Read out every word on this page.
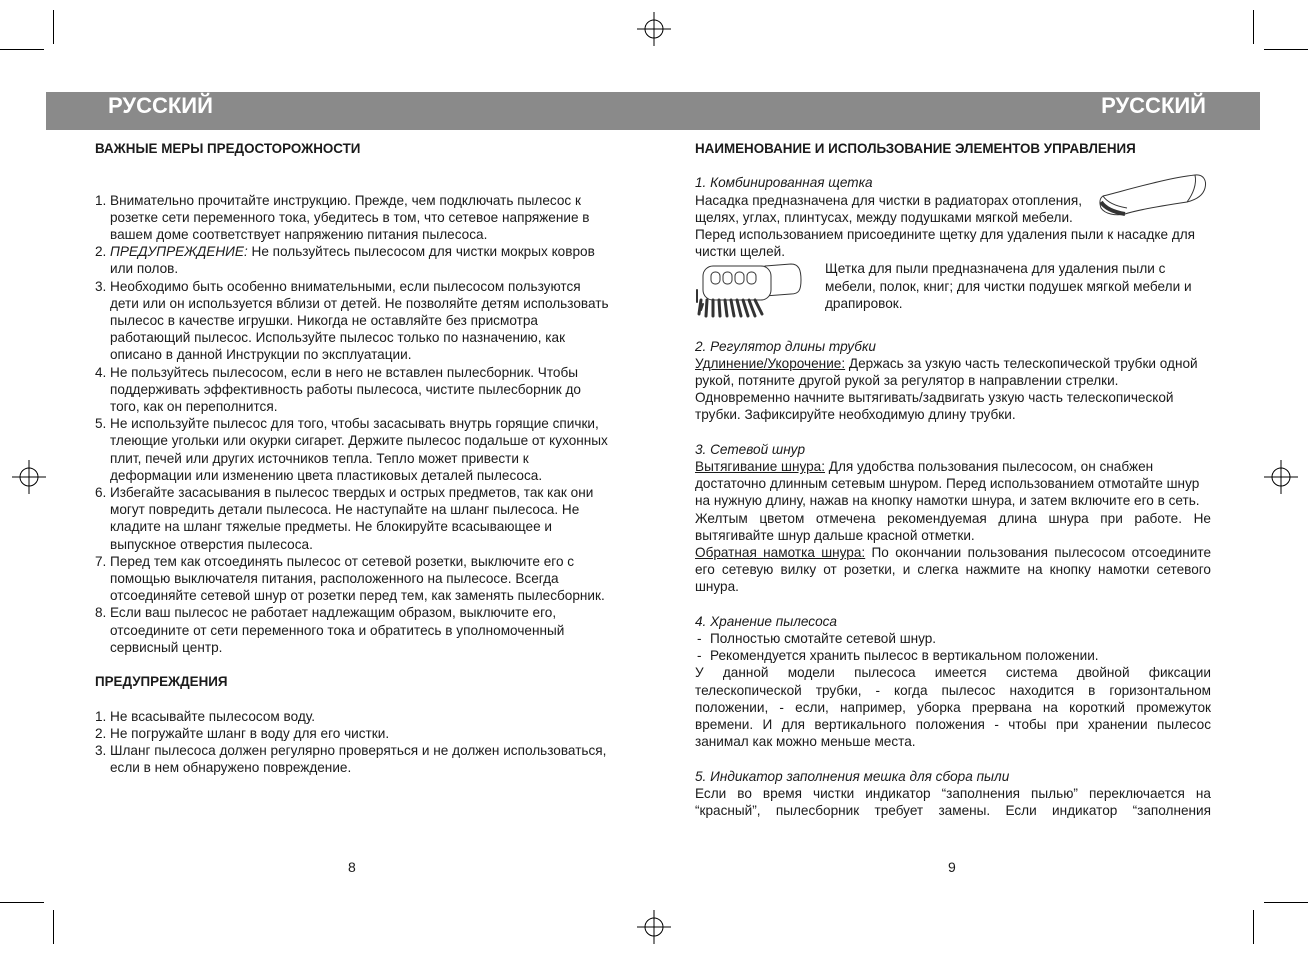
РУССКИЙ	РУССКИЙ

ВАЖНЫЕ МЕРЫ ПРЕДОСТОРОЖНОСТИ

1. Внимательно прочитайте инструкцию. Прежде, чем подключать пылесос к розетке сети переменного тока, убедитесь в том, что сетевое напряжение в вашем доме соответствует напряжению питания пылесоса.
2. ПРЕДУПРЕЖДЕНИЕ: Не пользуйтесь пылесосом для чистки мокрых ковров или полов.
3. Необходимо быть особенно внимательными, если пылесосом пользуются дети или он используется вблизи от детей. Не позволяйте детям использовать пылесос в качестве игрушки. Никогда не оставляйте без присмотра работающий пылесос. Используйте пылесос только по назначению, как описано в данной Инструкции по эксплуатации.
4. Не пользуйтесь пылесосом, если в него не вставлен пылесборник. Чтобы поддерживать эффективность работы пылесоса, чистите пылесборник до того, как он переполнится.
5. Не используйте пылесос для того, чтобы засасывать внутрь горящие спички, тлеющие угольки или окурки сигарет. Держите пылесос подальше от кухонных плит, печей или других источников тепла. Тепло может привести к деформации или изменению цвета пластиковых деталей пылесоса.
6. Избегайте засасывания в пылесос твердых и острых предметов, так как они могут повредить детали пылесоса. Не наступайте на шланг пылесоса. Не кладите на шланг тяжелые предметы. Не блокируйте всасывающее и выпускное отверстия пылесоса.
7. Перед тем как отсоединять пылесос от сетевой розетки, выключите его с помощью выключателя питания, расположенного на пылесосе. Всегда отсоединяйте сетевой шнур от розетки перед тем, как заменять пылесборник.
8. Если ваш пылесос не работает надлежащим образом, выключите его, отсоедините от сети переменного тока и обратитесь в уполномоченный сервисный центр.

ПРЕДУПРЕЖДЕНИЯ

1. Не всасывайте пылесосом воду.
2. Не погружайте шланг в воду для его чистки.
3. Шланг пылесоса должен регулярно проверяться и не должен использоваться, если в нем обнаружено повреждение.
8

НАИМЕНОВАНИЕ И ИСПОЛЬЗОВАНИЕ ЭЛЕМЕНТОВ УПРАВЛЕНИЯ

1. Комбинированная щетка

Насадка предназначена для чистки в радиаторах отопления, щелях, углах, плинтусах, между подушками мягкой мебели.

Перед использованием присоедините щетку для удаления пыли к насадке для чистки щелей.

Щетка для пыли предназначена для удаления пыли с мебели, полок, книг; для чистки подушек мягкой мебели и драпировок.

2. Регулятор длины трубки

Удлинение/Укорочение: Держась за узкую часть телескопической трубки одной рукой, потяните другой рукой за регулятор в направлении стрелки. Одновременно начните вытягивать/задвигать узкую часть телескопической трубки. Зафиксируйте необходимую длину трубки.

3. Сетевой шнур

Вытягивание шнура: Для удобства пользования пылесосом, он снабжен достаточно длинным сетевым шнуром. Перед использованием отмотайте шнур на нужную длину, нажав на кнопку намотки шнура, и затем включите его в сеть.

Желтым цветом отмечена рекомендуемая длина шнура при работе. Не вытягивайте шнур дальше красной отметки.

Обратная намотка шнура: По окончании пользования пылесосом отсоедините его сетевую вилку от розетки, и слегка нажмите на кнопку намотки сетевого шнура.

4. Хранение пылесоса

- Полностью смотайте сетевой шнур.
- Рекомендуется хранить пылесос в вертикальном положении.

У данной модели пылесоса имеется система двойной фиксации телескопической трубки, - когда пылесос находится в горизонтальном положении, - если, например, уборка прервана на короткий промежуток времени. И для вертикального положения - чтобы при хранении пылесос занимал как можно меньше места.

5. Индикатор заполнения мешка для сбора пыли

Если во время чистки индикатор “заполнения пылью” переключается на “красный”, пылесборник требует замены. Если индикатор “заполнения

9
